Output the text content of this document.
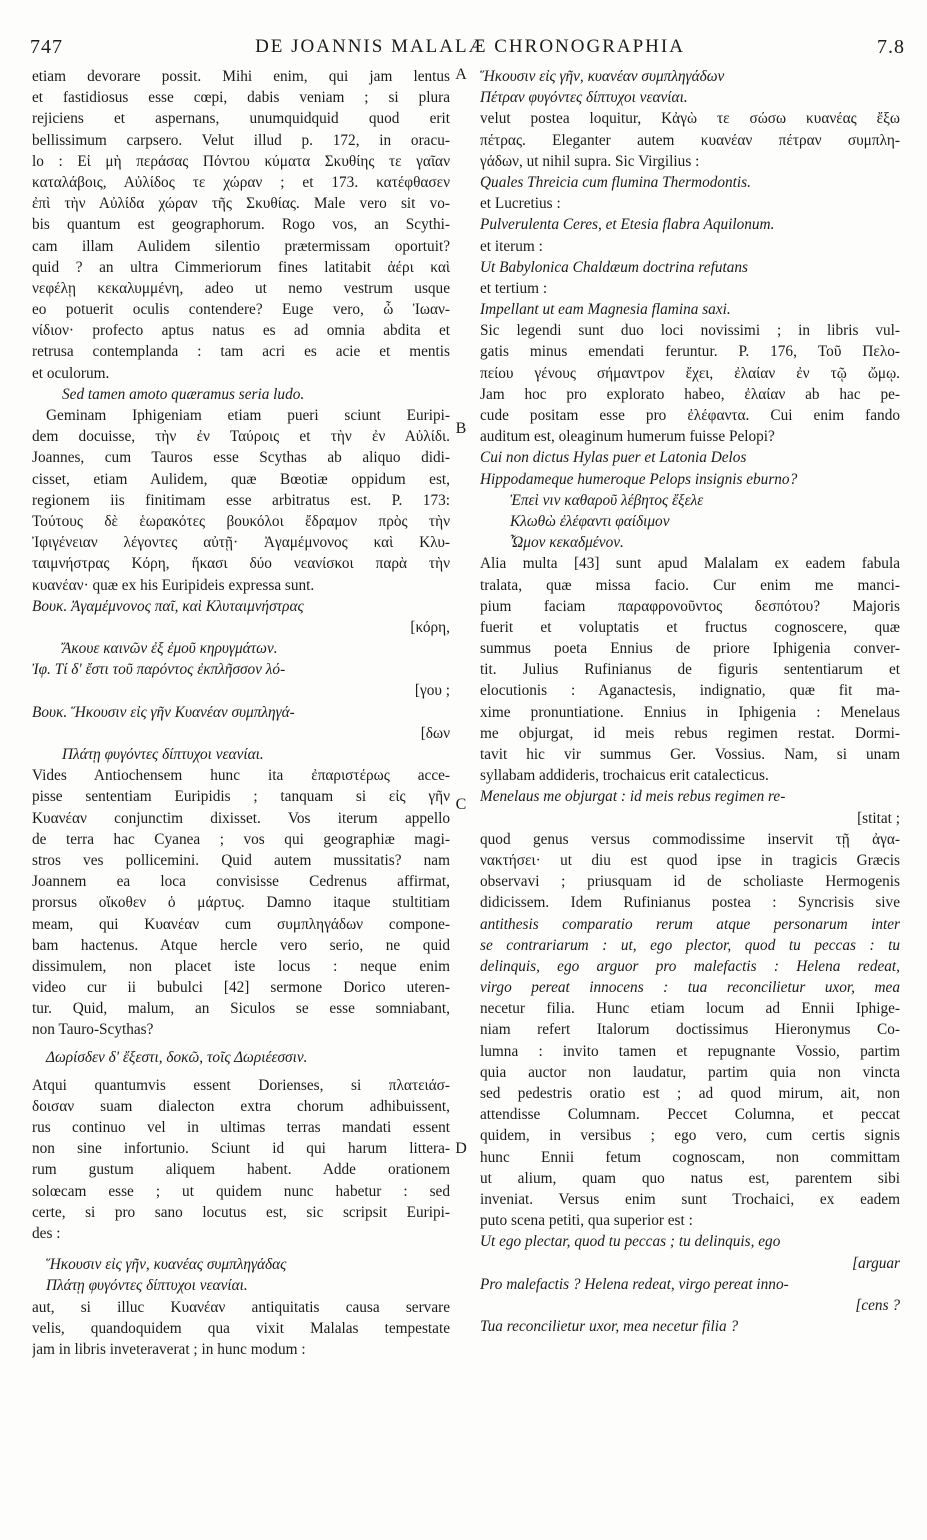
747	DE JOANNIS MALALÆ CHRONOGRAPHIA	7.8
A
B
C
D
etiam devorare possit. Mihi enim, qui jam lentus
et fastidiosus esse cœpi, dabis veniam ; si plura
rejiciens et aspernans, unumquidquid quod erit
bellissimum carpsero. Velut illud p. 172, in oracu-
lo : Εἰ μὴ περάσας Πόντου κύματα Σκυθίης τε γαῖαν
καταλάβοις, Αὐλίδος τε χώραν ; et 173. κατέφθασεν
ἐπὶ τὴν Αὐλίδα χώραν τῆς Σκυθίας. Male vero sit vo-
bis quantum est geographorum. Rogo vos, an Scythi-
cam illam Aulidem silentio prætermissam oportuit?
quid ? an ultra Cimmeriorum fines latitabit ἀέρι καὶ
νεφέλῃ κεκαλυμμένη, adeo ut nemo vestrum usque
eo potuerit oculis contendere? Euge vero, ὦ Ἰωαν-
νίδιον· profecto aptus natus es ad omnia abdita et
retrusa contemplanda : tam acri es acie et mentis
et oculorum.
Sed tamen amoto quæramus seria ludo.
Geminam Iphigeniam etiam pueri sciunt Euripi-
dem docuisse, τὴν ἐν Ταύροις et τὴν ἐν Αὐλίδι.
Joannes, cum Tauros esse Scythas ab aliquo didi-
cisset, etiam Aulidem, quæ Bœotiæ oppidum est,
regionem iis finitimam esse arbitratus est. P. 173:
Τούτους δὲ ἑωρακότες βουκόλοι ἔδραμον πρὸς τὴν
Ἰφιγένειαν λέγοντες αὐτῇ· Ἀγαμέμνονος καὶ Κλυ-
ταιμνήστρας Κόρη, ἥκασι δύο νεανίσκοι παρὰ τὴν
κυανέαν· quæ ex his Euripideis expressa sunt.
Βουκ. Ἀγαμέμνονος παῖ, καὶ Κλυταιμνήστρας
[κόρη,
Ἄκουε καινῶν ἐξ ἐμοῦ κηρυγμάτων.
Ἰφ. Τί δ' ἔστι τοῦ παρόντος ἐκπλῆσσον λό-
[γου ;
Βουκ. Ἥκουσιν εἰς γῆν Κυανέαν συμπληγά-
[δων
Πλάτῃ φυγόντες δίπτυχοι νεανίαι.
Vides Antiochensem hunc ita ἐπαριστέρως acce-
pisse sententiam Euripidis ; tanquam si εἰς γῆν
Κυανέαν conjunctim dixisset. Vos iterum appello
de terra hac Cyanea ; vos qui geographiæ magi-
stros ves pollicemini. Quid autem mussitatis? nam
Joannem ea loca convisisse Cedrenus affirmat,
prorsus οἴκοθεν ὁ μάρτυς. Damno itaque stultitiam
meam, qui Κυανέαν cum συμπληγάδων compone-
bam hactenus. Atque hercle vero serio, ne quid
dissimulem, non placet iste locus : neque enim
video cur ii bubulci [42] sermone Dorico uteren-
tur. Quid, malum, an Siculos se esse somniabant,
non Tauro-Scythas?
Δωρίσδεν δ' ἔξεστι, δοκῶ, τοῖς Δωριέεσσιν.
Atqui quantumvis essent Dorienses, si πλατειάσ-
δοισαν suam dialecton extra chorum adhibuissent,
rus continuo vel in ultimas terras mandati essent
non sine infortunio. Sciunt id qui harum littera-
rum gustum aliquem habent. Adde orationem
solœcam esse ; ut quidem nunc habetur : sed
certe, si pro sano locutus est, sic scripsit Euripi-
des :
Ἥκουσιν εἰς γῆν, κυανέας συμπληγάδας
Πλάτῃ φυγόντες δίπτυχοι νεανίαι.
aut, si illuc Κυανέαν antiquitatis causa servare
velis, quandoquidem qua vixit Malalas tempestate
jam in libris inveteraverat ; in hunc modum :
Ἥκουσιν εἰς γῆν, κυανέαν συμπληγάδων
Πέτραν φυγόντες δίπτυχοι νεανίαι.
velut postea loquitur, Κἀγὼ τε σώσω κυανέας ἔξω
πέτρας. Eleganter autem κυανέαν πέτραν συμπλη-
γάδων, ut nihil supra. Sic Virgilius :
Quales Threicia cum flumina Thermodontis.
et Lucretius :
Pulverulenta Ceres, et Etesia flabra Aquilonum.
et iterum :
Ut Babylonica Chaldæum doctrina refutans
et tertium :
Impellant ut eam Magnesia flamina saxi.
Sic legendi sunt duo loci novissimi ; in libris vul-
gatis minus emendati feruntur. P. 176, Τοῦ Πελο-
πείου γένους σήμαντρον ἔχει, ἐλαίαν ἐν τῷ ὤμῳ.
Jam hoc pro explorato habeo, ἐλαίαν ab hac pe-
cude positam esse pro ἐλέφαντα. Cui enim fando
auditum est, oleaginum humerum fuisse Pelopi?
Cui non dictus Hylas puer et Latonia Delos
Hippodameque humeroque Pelops insignis eburno?
Ἐπεὶ νιν καθαροῦ λέβητος ἔξελε
Κλωθὼ ἐλέφαντι φαίδιμον
Ὦμον κεκαδμένον.
Alia multa [43] sunt apud Malalam ex eadem fabula
tralata, quæ missa facio. Cur enim me manci-
pium faciam παραφρονοῦντος δεσπότου? Majoris
fuerit et voluptatis et fructus cognoscere, quæ
summus poeta Ennius de priore Iphigenia conver-
tit. Julius Rufinianus de figuris sententiarum et
elocutionis : Aganactesis, indignatio, quæ fit ma-
xime pronuntiatione. Ennius in Iphigenia : Menelaus
me objurgat, id meis rebus regimen restat. Dormi-
tavit hic vir summus Ger. Vossius. Nam, si unam
syllabam addideris, trochaicus erit catalecticus.
Menelaus me objurgat : id meis rebus regimen re-
[stitat ;
quod genus versus commodissime inservit τῇ ἀγα-
νακτήσει· ut diu est quod ipse in tragicis Græcis
observavi ; priusquam id de scholiaste Hermogenis
didicissem. Idem Rufinianus postea : Syncrisis sive
antithesis comparatio rerum atque personarum inter
se contrariarum : ut, ego plector, quod tu peccas : tu
delinquis, ego arguor pro malefactis : Helena redeat,
virgo pereat innocens : tua reconcilietur uxor, mea
necetur filia. Hunc etiam locum ad Ennii Iphige-
niam refert Italorum doctissimus Hieronymus Co-
lumna : invito tamen et repugnante Vossio, partim
quia auctor non laudatur, partim quia non vincta
sed pedestris oratio est ; ad quod mirum, ait, non
attendisse Columnam. Peccet Columna, et peccat
quidem, in versibus ; ego vero, cum certis signis
hunc Ennii fetum cognoscam, non committam
ut alium, quam quo natus est, parentem sibi
inveniat. Versus enim sunt Trochaici, ex eadem
puto scena petiti, qua superior est :
Ut ego plectar, quod tu peccas ; tu delinquis, ego
[arguar
Pro malefactis ? Helena redeat, virgo pereat inno-
[cens ?
Tua reconcilietur uxor, mea necetur filia ?
